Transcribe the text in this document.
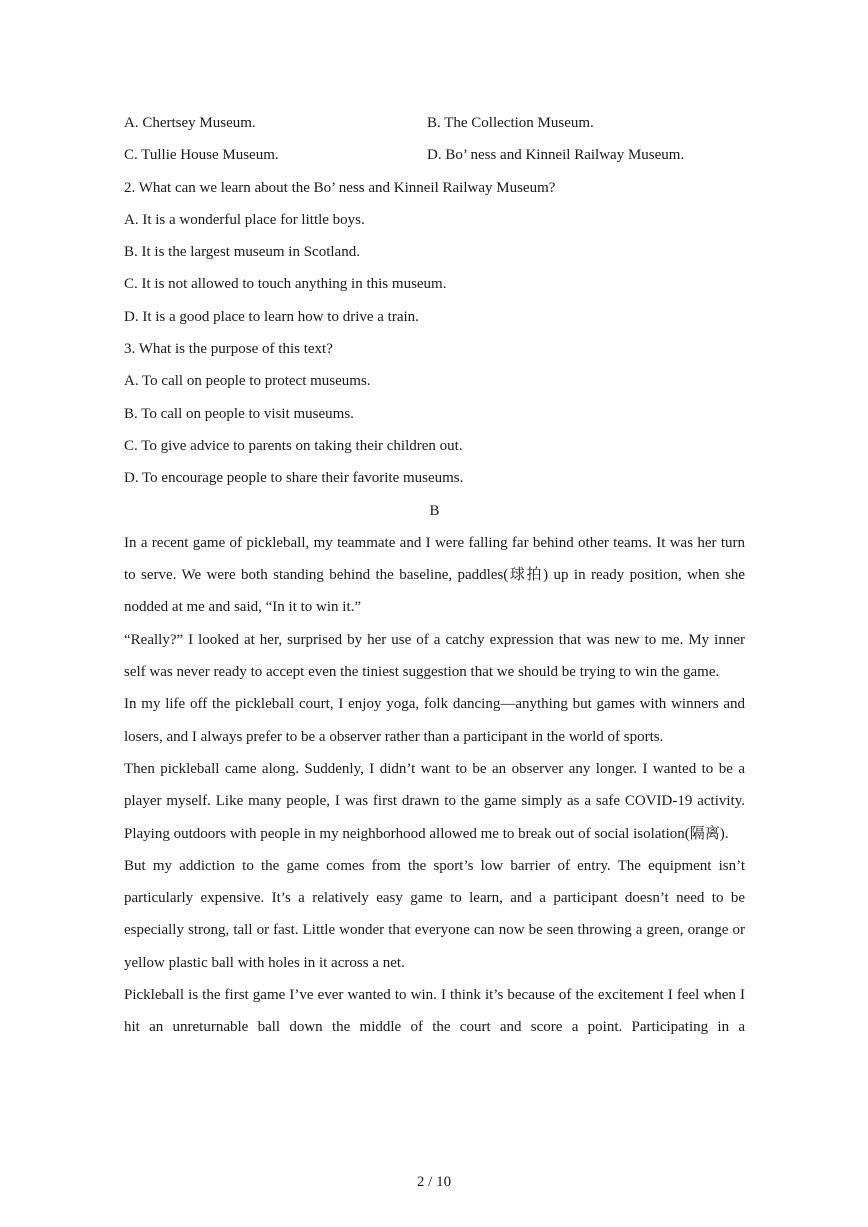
A. Chertsey Museum.	B. The Collection Museum.
C. Tullie House Museum.	D. Bo’ ness and Kinneil Railway Museum.
2. What can we learn about the Bo’ ness and Kinneil Railway Museum?
A. It is a wonderful place for little boys.
B. It is the largest museum in Scotland.
C. It is not allowed to touch anything in this museum.
D. It is a good place to learn how to drive a train.
3. What is the purpose of this text?
A. To call on people to protect museums.
B. To call on people to visit museums.
C. To give advice to parents on taking their children out.
D. To encourage people to share their favorite museums.
B

In a recent game of pickleball, my teammate and I were falling far behind other teams. It was her turn to serve. We were both standing behind the baseline, paddles(球拍) up in ready position, when she nodded at me and said, “In it to win it.”

“Really?” I looked at her, surprised by her use of a catchy expression that was new to me. My inner self was never ready to accept even the tiniest suggestion that we should be trying to win the game.

In my life off the pickleball court, I enjoy yoga, folk dancing—anything but games with winners and losers, and I always prefer to be a observer rather than a participant in the world of sports.

Then pickleball came along. Suddenly, I didn’t want to be an observer any longer. I wanted to be a player myself. Like many people, I was first drawn to the game simply as a safe COVID-19 activity. Playing outdoors with people in my neighborhood allowed me to break out of social isolation(隔离).

But my addiction to the game comes from the sport’s low barrier of entry. The equipment isn’t particularly expensive. It’s a relatively easy game to learn, and a participant doesn’t need to be especially strong, tall or fast. Little wonder that everyone can now be seen throwing a green, orange or yellow plastic ball with holes in it across a net.

Pickleball is the first game I’ve ever wanted to win. I think it’s because of the excitement I feel when I hit an unreturnable ball down the middle of the court and score a point. Participating in a

2 / 10
